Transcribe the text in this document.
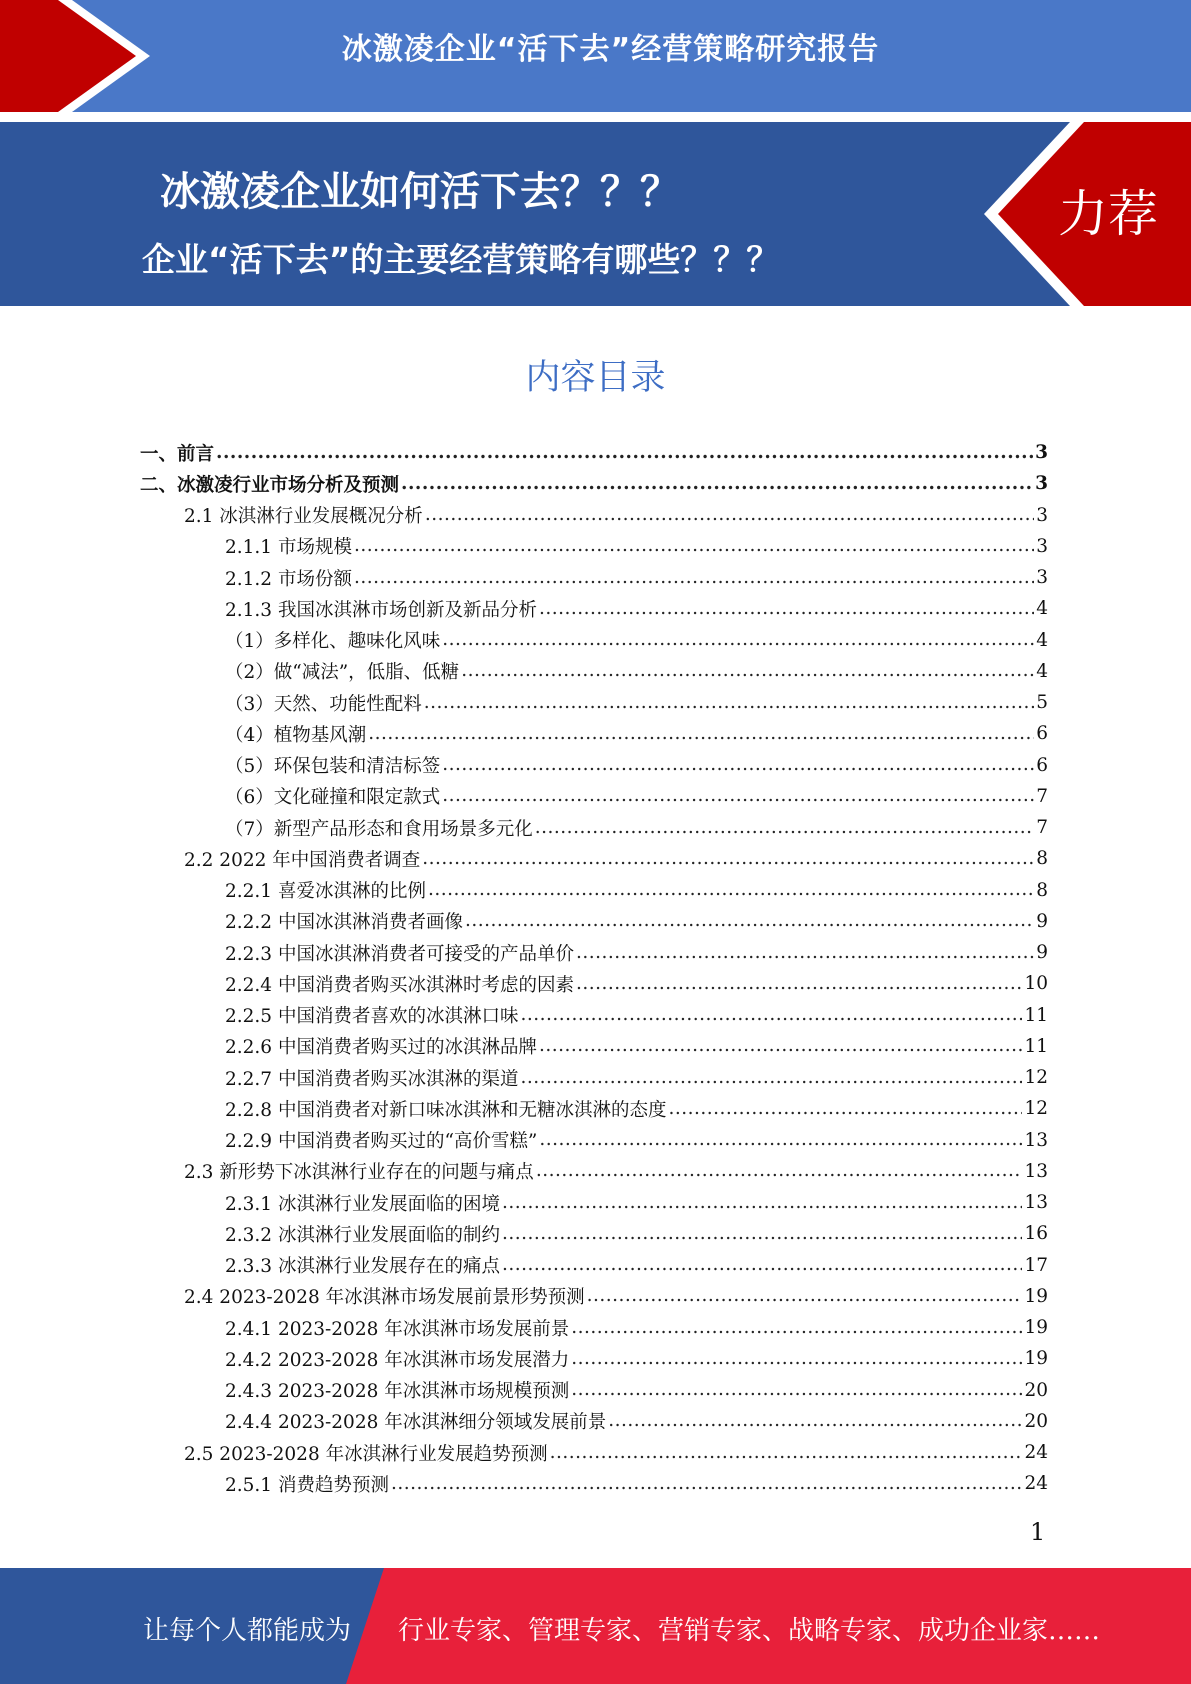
冰激凌企业“活下去”经营策略研究报告
冰激凌企业如何活下去？？？
企业“活下去”的主要经营策略有哪些？？？
力荐
内容目录
一、前言 .....	3
二、冰激凌行业市场分析及预测 .....	3
2.1 冰淇淋行业发展概况分析 .....	3
2.1.1 市场规模 .....	3
2.1.2 市场份额 .....	3
2.1.3 我国冰淇淋市场创新及新品分析 .....	4
（1）多样化、趣味化风味 .....	4
（2）做“减法”，低脂、低糖 .....	4
（3）天然、功能性配料 .....	5
（4）植物基风潮 .....	6
（5）环保包装和清洁标签 .....	6
（6）文化碰撞和限定款式 .....	7
（7）新型产品形态和食用场景多元化 .....	7
2.2 2022 年中国消费者调查 .....	8
2.2.1 喜爱冰淇淋的比例 .....	8
2.2.2 中国冰淇淋消费者画像 .....	9
2.2.3 中国冰淇淋消费者可接受的产品单价 .....	9
2.2.4 中国消费者购买冰淇淋时考虑的因素 .....	10
2.2.5 中国消费者喜欢的冰淇淋口味 .....	11
2.2.6 中国消费者购买过的冰淇淋品牌 .....	11
2.2.7 中国消费者购买冰淇淋的渠道 .....	12
2.2.8 中国消费者对新口味冰淇淋和无糖冰淇淋的态度 .....	12
2.2.9 中国消费者购买过的“高价雪糕” .....	13
2.3 新形势下冰淇淋行业存在的问题与痛点 .....	13
2.3.1 冰淇淋行业发展面临的困境 .....	13
2.3.2 冰淇淋行业发展面临的制约 .....	16
2.3.3 冰淇淋行业发展存在的痛点 .....	17
2.4 2023-2028 年冰淇淋市场发展前景形势预测 .....	19
2.4.1 2023-2028 年冰淇淋市场发展前景 .....	19
2.4.2 2023-2028 年冰淇淋市场发展潜力 .....	19
2.4.3 2023-2028 年冰淇淋市场规模预测 .....	20
2.4.4 2023-2028 年冰淇淋细分领域发展前景 .....	20
2.5 2023-2028 年冰淇淋行业发展趋势预测 .....	24
2.5.1 消费趋势预测 .....	24
1
让每个人都能成为 行业专家、管理专家、营销专家、战略专家、成功企业家……
